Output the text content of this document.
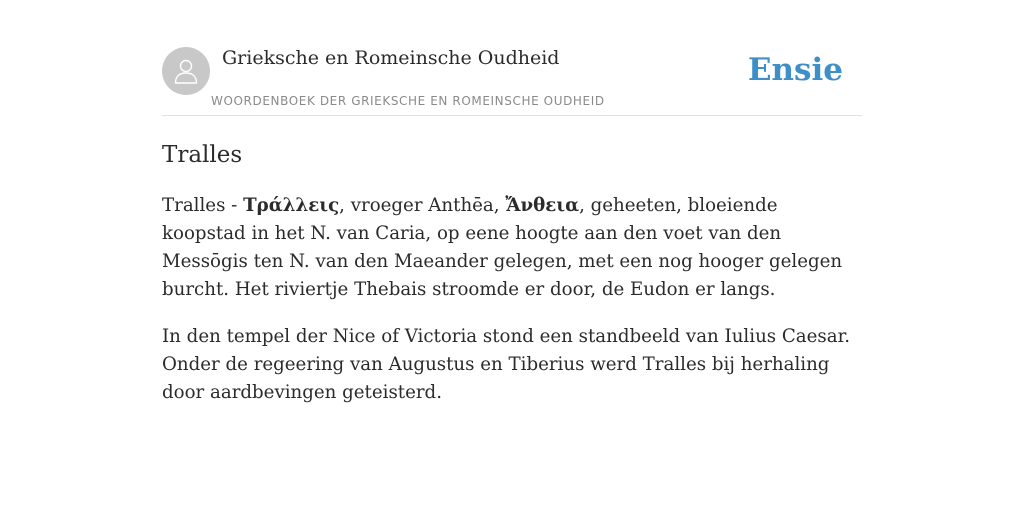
Grieksche en Romeinsche Oudheid
WOORDENBOEK DER GRIEKSCHE EN ROMEINSCHE OUDHEID
Ensie
Tralles

Tralles - Τράλλεις, vroeger Anthēa, Ἄνθεια, geheeten, bloeiende koopstad in het N. van Caria, op eene hoogte aan den voet van den Messōgis ten N. van den Maeander gelegen, met een nog hooger gelegen burcht. Het riviertje Thebais stroomde er door, de Eudon er langs.

In den tempel der Nice of Victoria stond een standbeeld van Iulius Caesar. Onder de regeering van Augustus en Tiberius werd Tralles bij herhaling door aardbevingen geteisterd.
